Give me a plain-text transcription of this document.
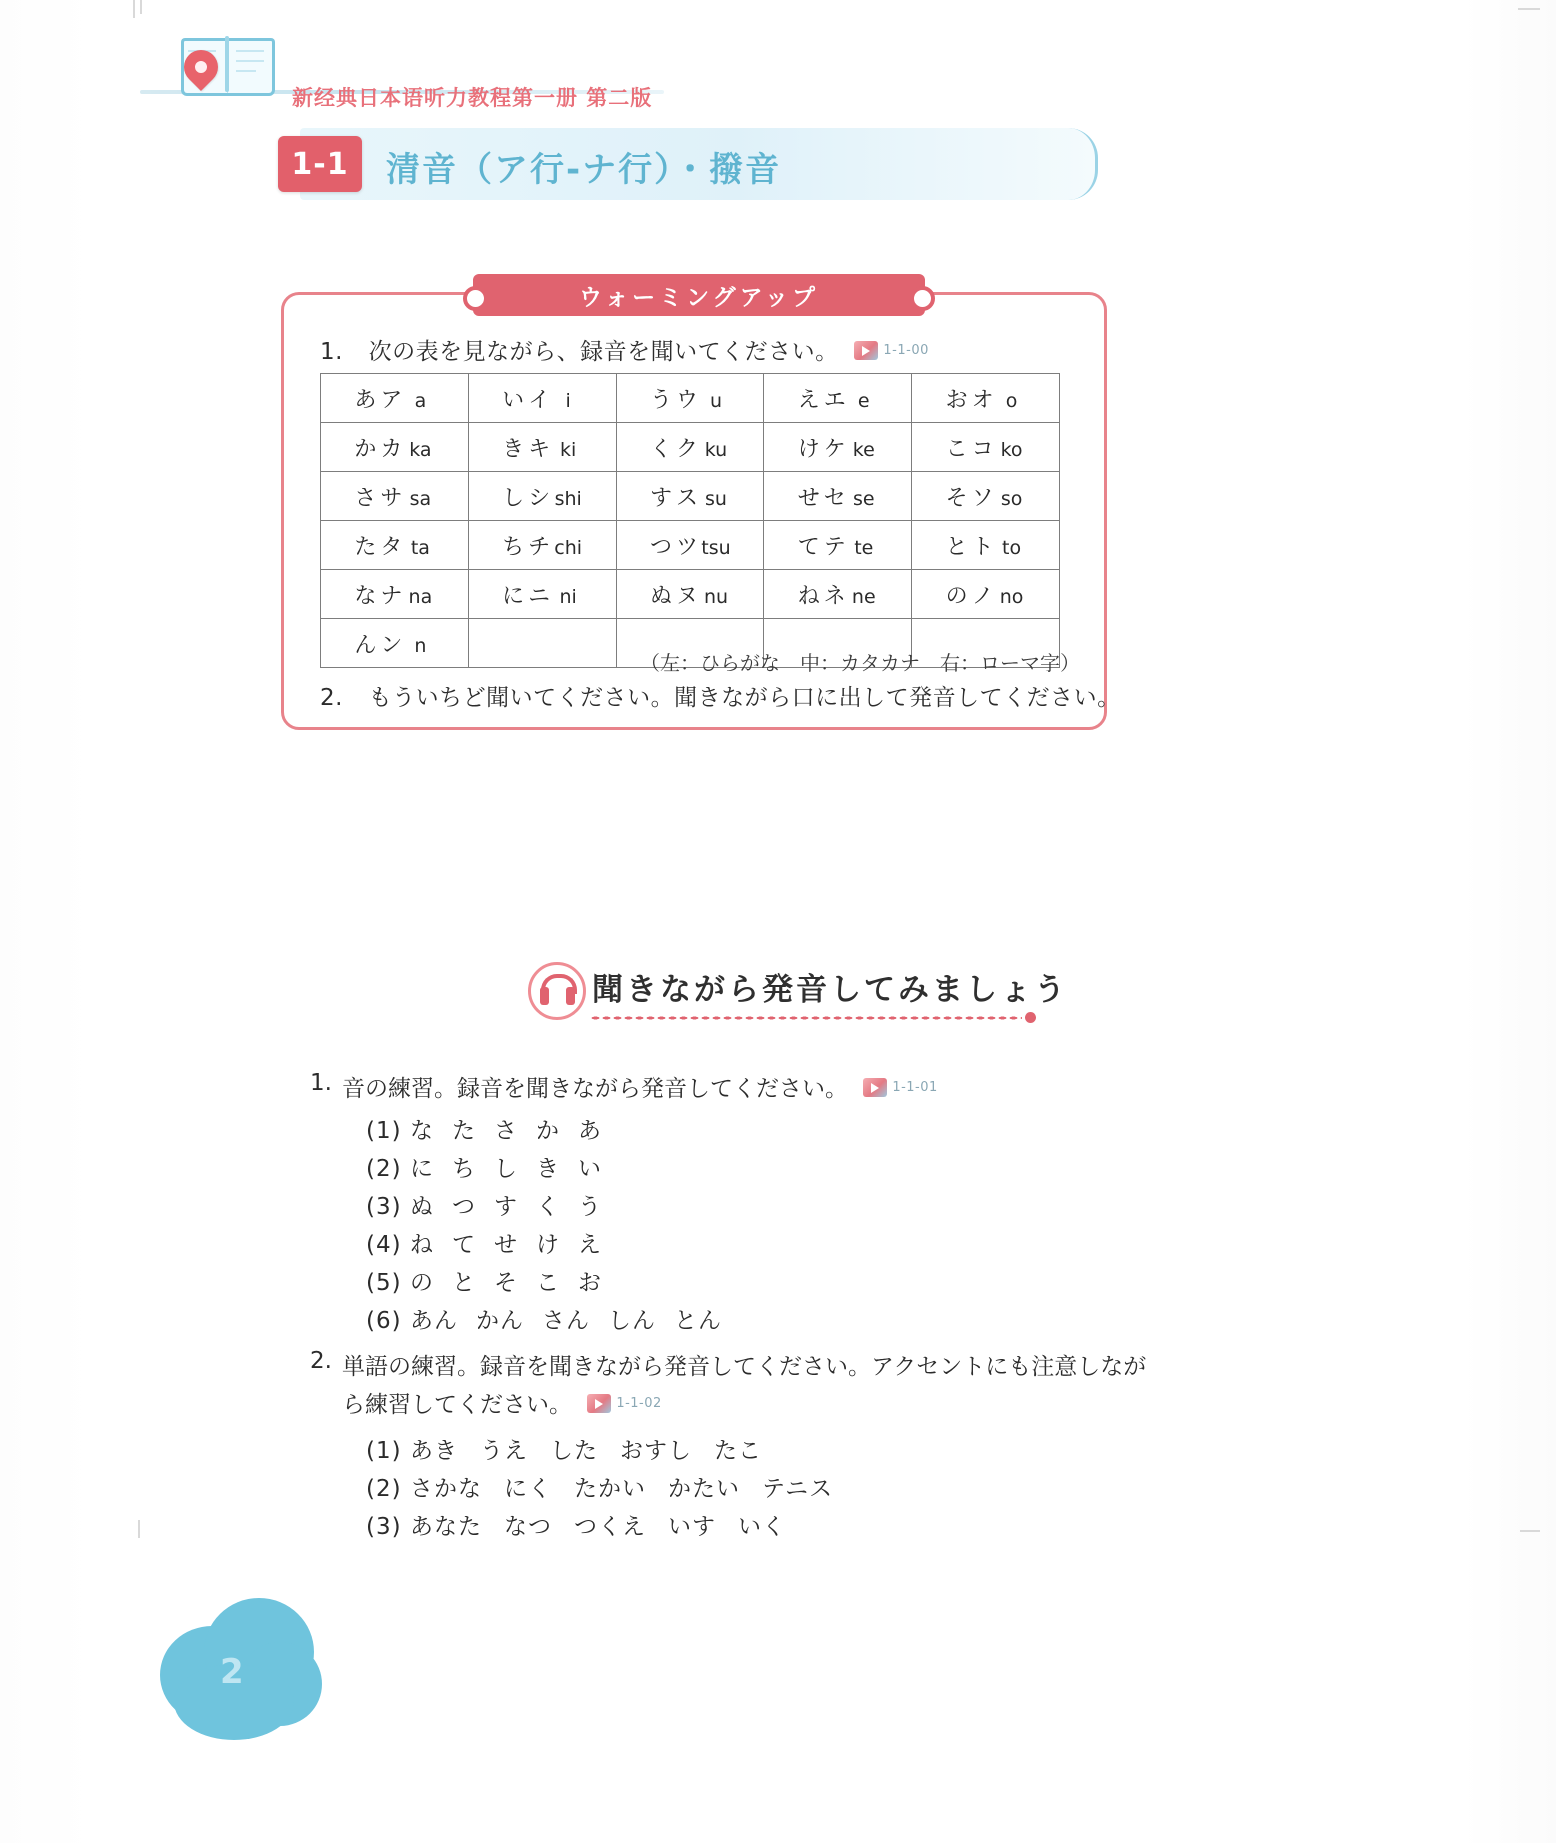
新经典日本语听力教程第一册 第二版
1-1	清音（ア行-ナ行）・撥音
ウォーミングアップ
1. 次の表を見ながら、録音を聞いてください。	1-1-00
あ ア a	い イ i	う ウ u	え エ e	お オ o
か カ ka	き キ ki	く ク ku	け ケ ke	こ コ ko
さ サ sa	し シ shi	す ス su	せ セ se	そ ソ so
た タ ta	ち チ chi	つ ツ tsu	て テ te	と ト to
な ナ na	に ニ ni	ぬ ヌ nu	ね ネ ne	の ノ no
ん ン n				
（左：ひらがな　中：カタカナ　右：ローマ字）
2. もういちど聞いてください。聞きながら口に出して発音してください。
聞きながら発音してみましょう
1. 音の練習。録音を聞きながら発音してください。	1-1-01
(1) な た さ か あ
(2) に ち し き い
(3) ぬ つ す く う
(4) ね て せ け え
(5) の と そ こ お
(6) あん かん さん しん とん
2. 単語の練習。録音を聞きながら発音してください。アクセントにも注意しなが
ら練習してください。	1-1-02
(1) あき うえ した おすし たこ
(2) さかな にく たかい かたい テニス
(3) あなた なつ つくえ いす いく
2
